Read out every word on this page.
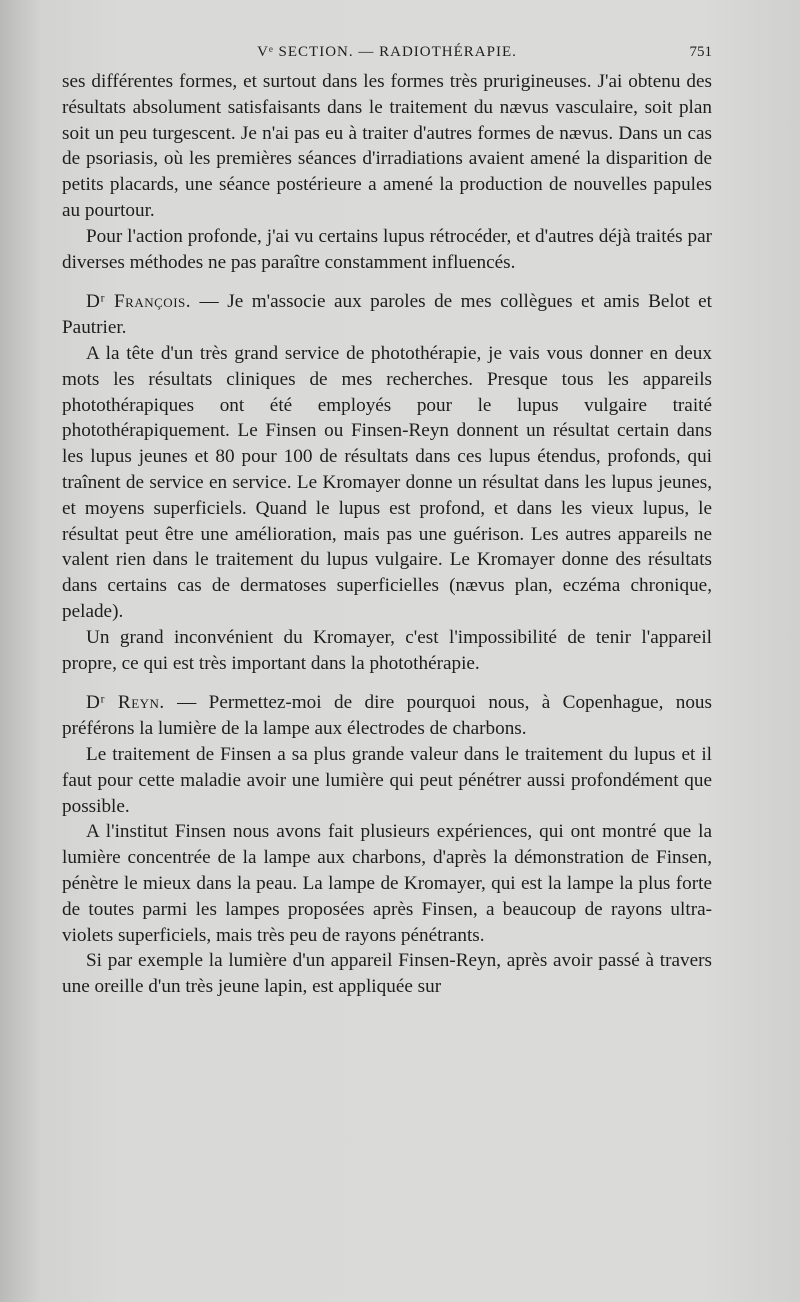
Vᵉ SECTION. — RADIOTHÉRAPIE.	751

ses différentes formes, et surtout dans les formes très prurigineuses. J'ai obtenu des résultats absolument satisfaisants dans le traitement du nævus vasculaire, soit plan soit un peu turgescent. Je n'ai pas eu à traiter d'autres formes de nævus. Dans un cas de psoriasis, où les premières séances d'irradiations avaient amené la disparition de petits placards, une séance postérieure a amené la production de nouvelles papules au pourtour.

Pour l'action profonde, j'ai vu certains lupus rétrocéder, et d'autres déjà traités par diverses méthodes ne pas paraître constamment influencés.

Dʳ François. — Je m'associe aux paroles de mes collègues et amis Belot et Pautrier.

A la tête d'un très grand service de photothérapie, je vais vous donner en deux mots les résultats cliniques de mes recherches. Presque tous les appareils photothérapiques ont été employés pour le lupus vulgaire traité photothérapiquement. Le Finsen ou Finsen-Reyn donnent un résultat certain dans les lupus jeunes et 80 pour 100 de résultats dans ces lupus étendus, profonds, qui traînent de service en service. Le Kromayer donne un résultat dans les lupus jeunes, et moyens superficiels. Quand le lupus est profond, et dans les vieux lupus, le résultat peut être une amélioration, mais pas une guérison. Les autres appareils ne valent rien dans le traitement du lupus vulgaire. Le Kromayer donne des résultats dans certains cas de dermatoses superficielles (nævus plan, eczéma chronique, pelade).

Un grand inconvénient du Kromayer, c'est l'impossibilité de tenir l'appareil propre, ce qui est très important dans la photothérapie.

Dʳ Reyn. — Permettez-moi de dire pourquoi nous, à Copenhague, nous préférons la lumière de la lampe aux électrodes de charbons.

Le traitement de Finsen a sa plus grande valeur dans le traitement du lupus et il faut pour cette maladie avoir une lumière qui peut pénétrer aussi profondément que possible.

A l'institut Finsen nous avons fait plusieurs expériences, qui ont montré que la lumière concentrée de la lampe aux charbons, d'après la démonstration de Finsen, pénètre le mieux dans la peau. La lampe de Kromayer, qui est la lampe la plus forte de toutes parmi les lampes proposées après Finsen, a beaucoup de rayons ultra-violets superficiels, mais très peu de rayons pénétrants.

Si par exemple la lumière d'un appareil Finsen-Reyn, après avoir passé à travers une oreille d'un très jeune lapin, est appliquée sur
